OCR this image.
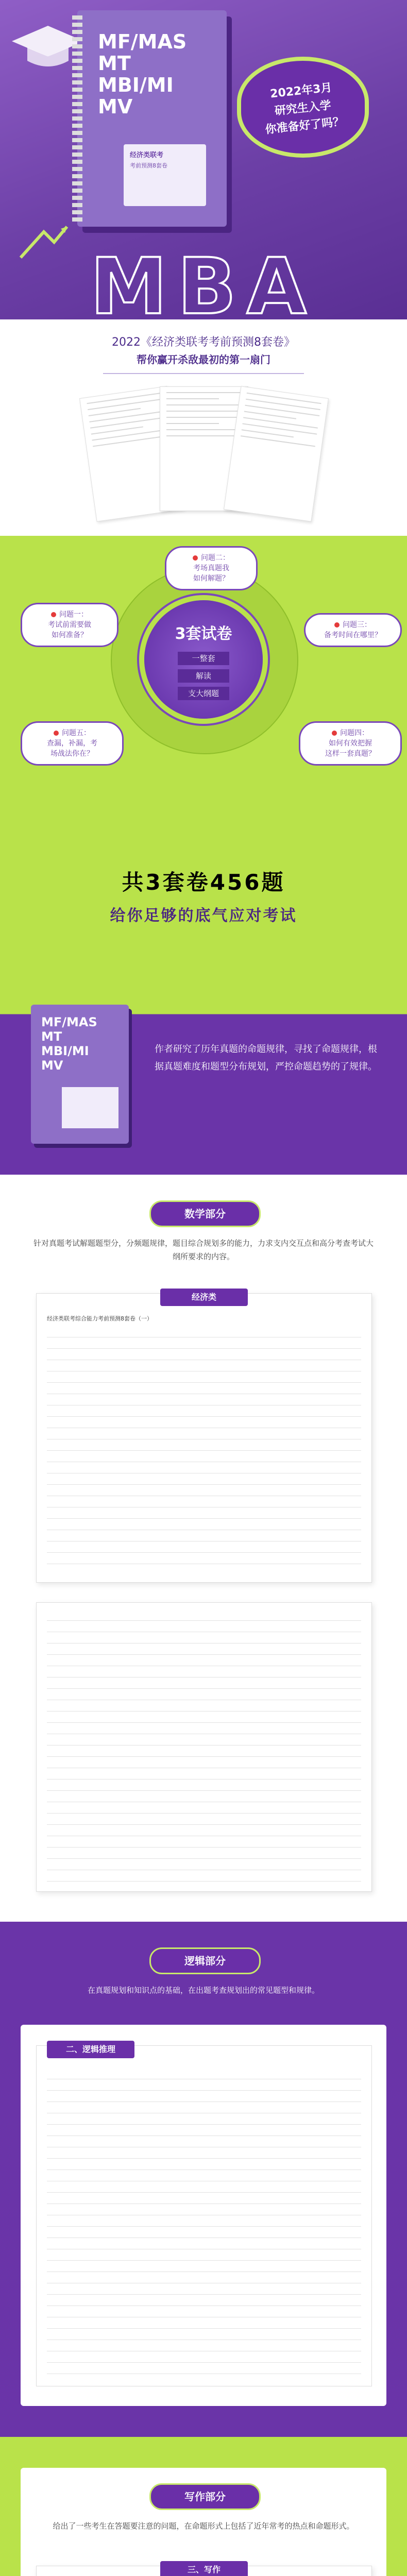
MF/MAS
MT
MBI/MI
MV
经济类联考
考前预测8套卷
2022年3月
研究生入学
你准备好了吗？
MBA
2022《经济类联考考前预测8套卷》
帮你赢开杀敌最初的第一扇门
3套试卷
一整套
解读
支大纲题
问题二：
考场真题我
如何解题？
问题一：
考试前需要做
如何准备？
问题三：
备考时间在哪里？
问题五：
查漏，补漏，考
场战法你在？
问题四：
如何有效把握
这样一套真题？
共3套卷456题
给你足够的底气应对考试
MF/MAS
MT
MBI/MI
MV
作者研究了历年真题的命题规律，寻找了命题规律，根据真题难度和题型分布规划，严控命题趋势的了规律。
数学部分
针对真题考试解题题型分，分频题规律，题目综合规划多的能力，力求支内交互点和高分考查考试大纲所要求的内容。
经济类
经济类联考综合能力考前预测8套卷（一）
逻辑部分
在真题规划和知识点的基础，在出题考查规划出的常见题型和规律。
二、逻辑推理
写作部分
给出了一些考生在答题要注意的问题，在命题形式上包括了近年常考的热点和命题形式。
三、写作
